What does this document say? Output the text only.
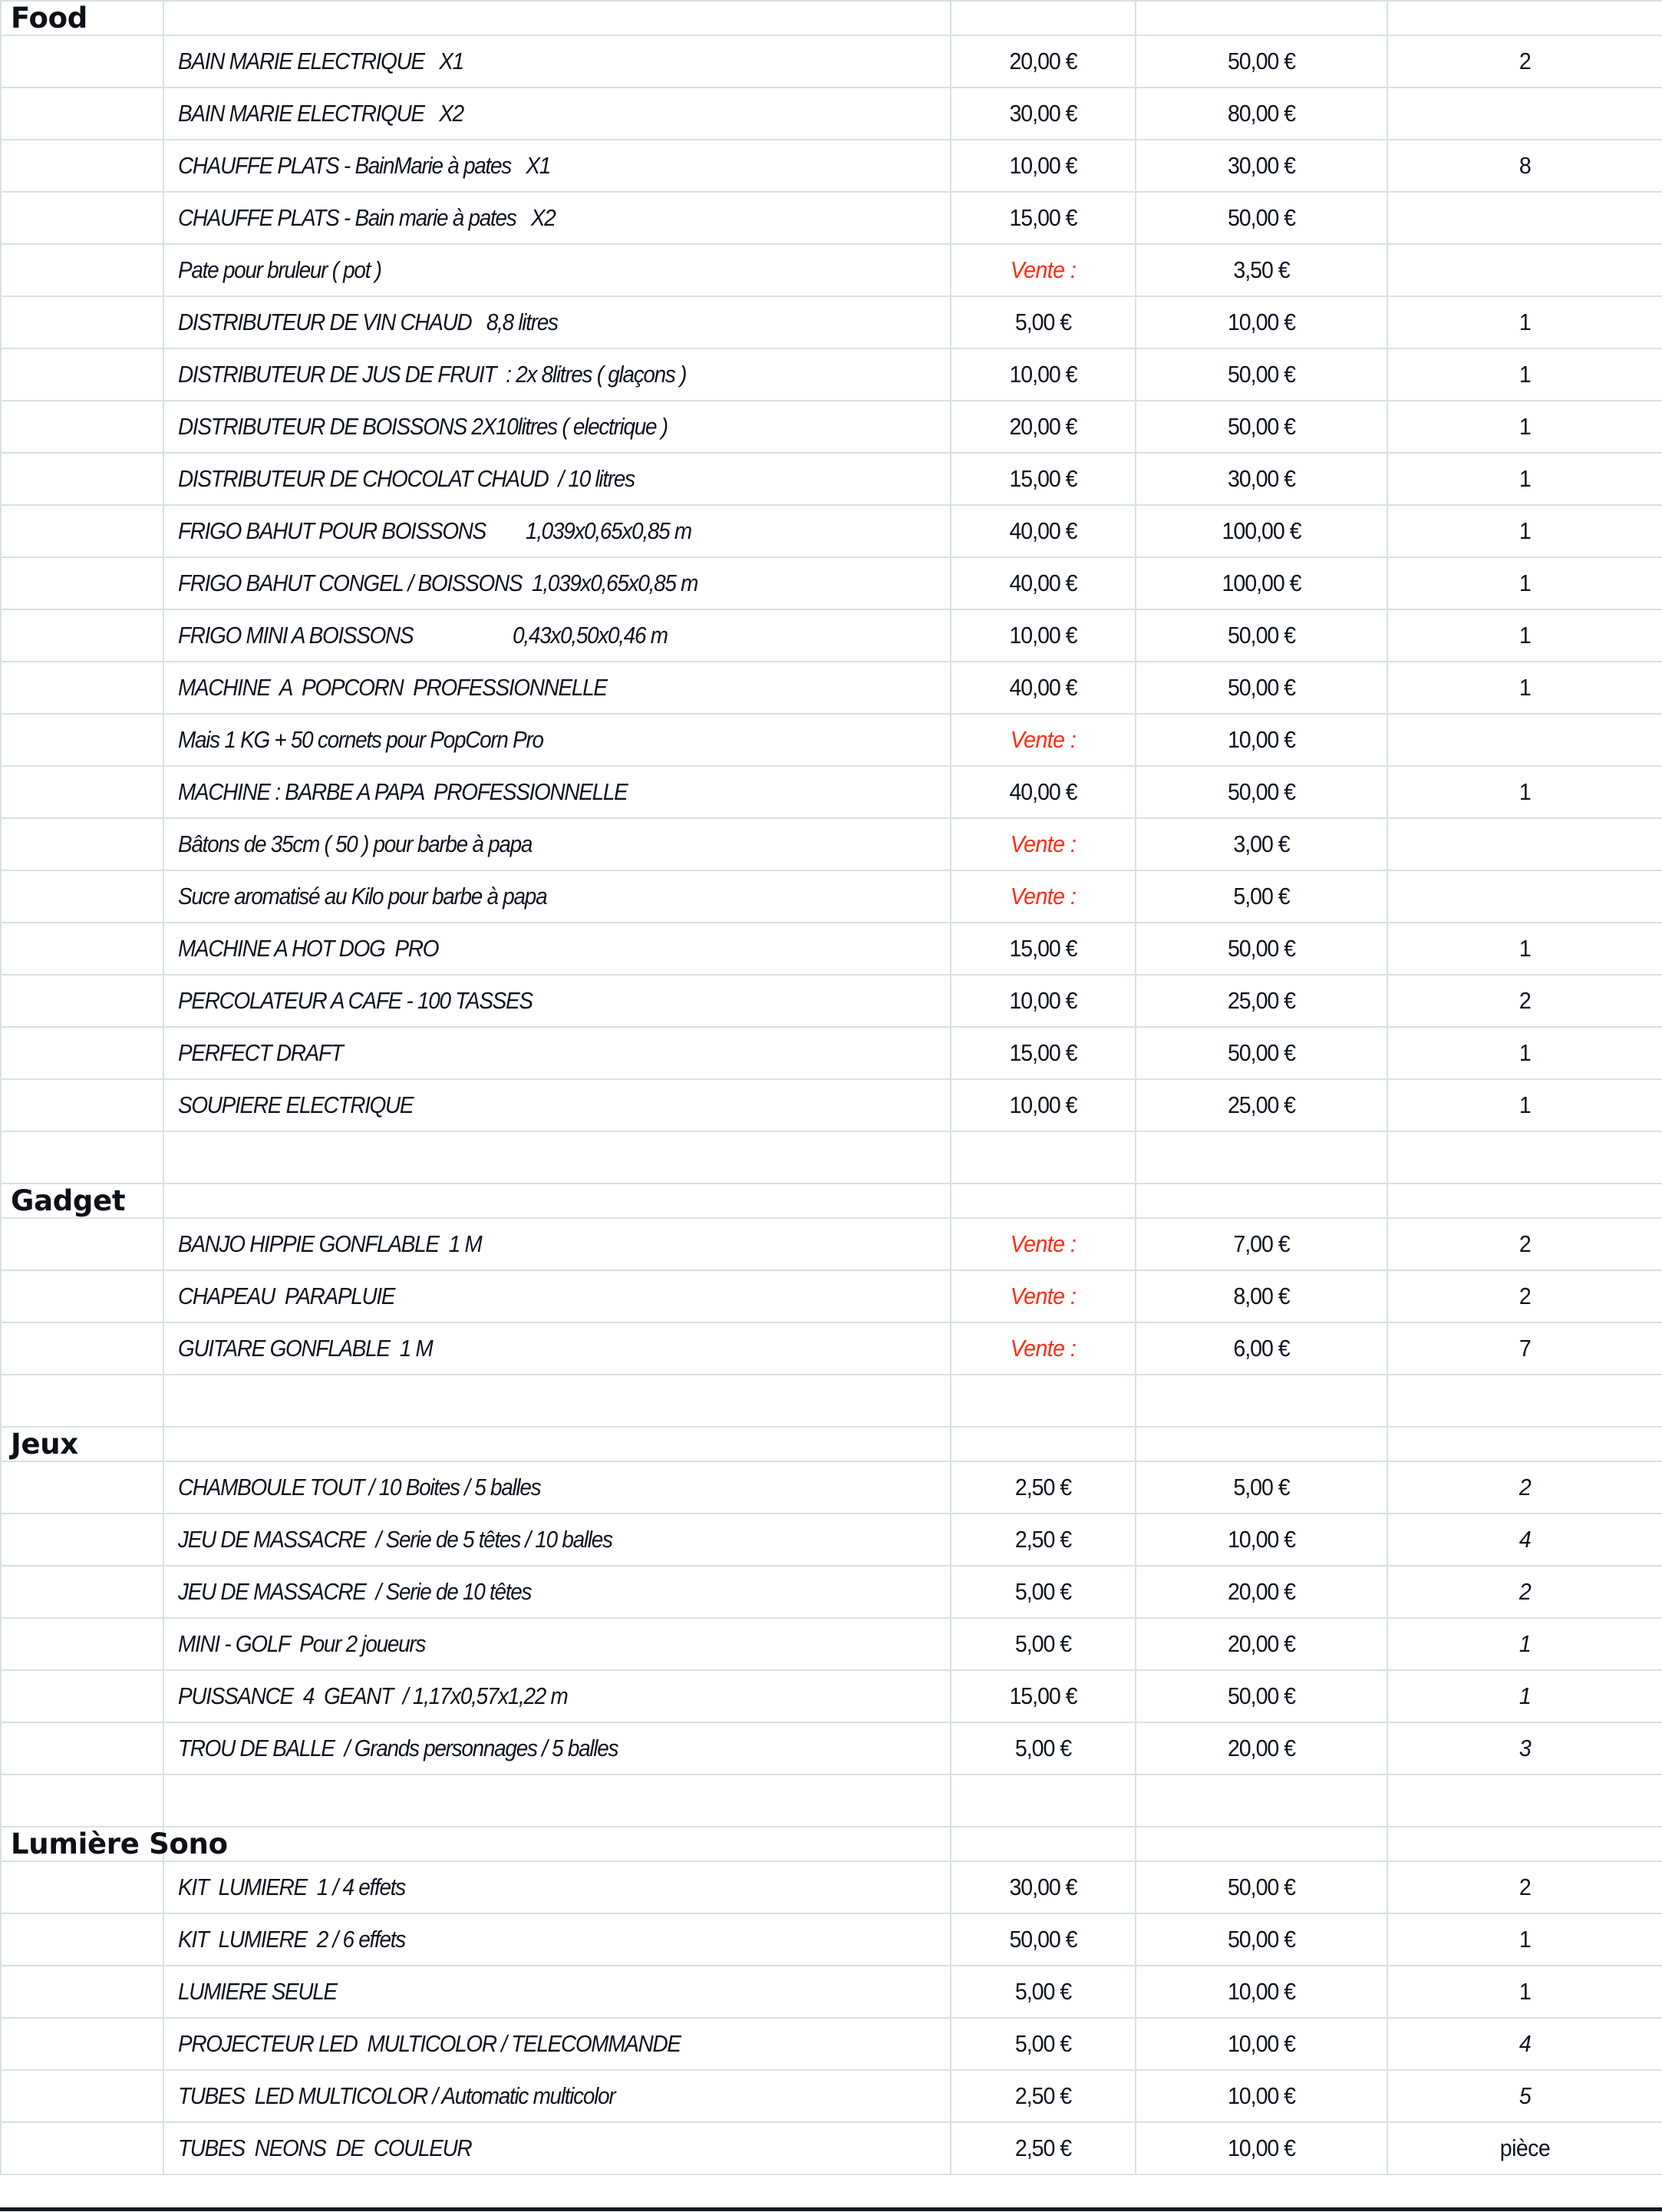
Food				
	BAIN MARIE ELECTRIQUE   X1	20,00 €	50,00 €	2

	BAIN MARIE ELECTRIQUE   X2	30,00 €	80,00 €	

	CHAUFFE PLATS - BainMarie à pates   X1	10,00 €	30,00 €	8

	CHAUFFE PLATS - Bain marie à pates   X2	15,00 €	50,00 €	

	Pate pour bruleur ( pot )	Vente :	3,50 €	

	DISTRIBUTEUR DE VIN CHAUD   8,8 litres	5,00 €	10,00 €	1

	DISTRIBUTEUR DE JUS DE FRUIT  : 2x 8litres ( glaçons )	10,00 €	50,00 €	1

	DISTRIBUTEUR DE BOISSONS 2X10litres ( electrique )	20,00 €	50,00 €	1

	DISTRIBUTEUR DE CHOCOLAT CHAUD  / 10 litres	15,00 €	30,00 €	1

	FRIGO BAHUT POUR BOISSONS        1,039x0,65x0,85 m	40,00 €	100,00 €	1

	FRIGO BAHUT CONGEL / BOISSONS  1,039x0,65x0,85 m	40,00 €	100,00 €	1

	FRIGO MINI A BOISSONS                    0,43x0,50x0,46 m	10,00 €	50,00 €	1

	MACHINE  A  POPCORN  PROFESSIONNELLE	40,00 €	50,00 €	1

	Mais 1 KG + 50 cornets pour PopCorn Pro	Vente :	10,00 €	

	MACHINE : BARBE A PAPA  PROFESSIONNELLE	40,00 €	50,00 €	1

	Bâtons de 35cm ( 50 ) pour barbe à papa	Vente :	3,00 €	

	Sucre aromatisé au Kilo pour barbe à papa	Vente :	5,00 €	

	MACHINE A HOT DOG  PRO	15,00 €	50,00 €	1

	PERCOLATEUR A CAFE - 100 TASSES	10,00 €	25,00 €	2

	PERFECT DRAFT	15,00 €	50,00 €	1

	SOUPIERE ELECTRIQUE	10,00 €	25,00 €	1

Gadget				
	BANJO HIPPIE GONFLABLE  1 M	Vente :	7,00 €	2

	CHAPEAU  PARAPLUIE	Vente :	8,00 €	2

	GUITARE GONFLABLE  1 M	Vente :	6,00 €	7

Jeux				
	CHAMBOULE TOUT / 10 Boites / 5 balles	2,50 €	5,00 €	2

	JEU DE MASSACRE  / Serie de 5 têtes / 10 balles	2,50 €	10,00 €	4

	JEU DE MASSACRE  / Serie de 10 têtes	5,00 €	20,00 €	2

	MINI - GOLF  Pour 2 joueurs	5,00 €	20,00 €	1

	PUISSANCE  4  GEANT  / 1,17x0,57x1,22 m	15,00 €	50,00 €	1

	TROU DE BALLE  / Grands personnages / 5 balles	5,00 €	20,00 €	3

Lumière Sono				
	KIT  LUMIERE  1 / 4 effets	30,00 €	50,00 €	2

	KIT  LUMIERE  2 / 6 effets	50,00 €	50,00 €	1

	LUMIERE SEULE	5,00 €	10,00 €	1

	PROJECTEUR LED  MULTICOLOR / TELECOMMANDE	5,00 €	10,00 €	4

	TUBES  LED MULTICOLOR / Automatic multicolor	2,50 €	10,00 €	5

	TUBES  NEONS  DE  COULEUR	2,50 €	10,00 €	pièce
